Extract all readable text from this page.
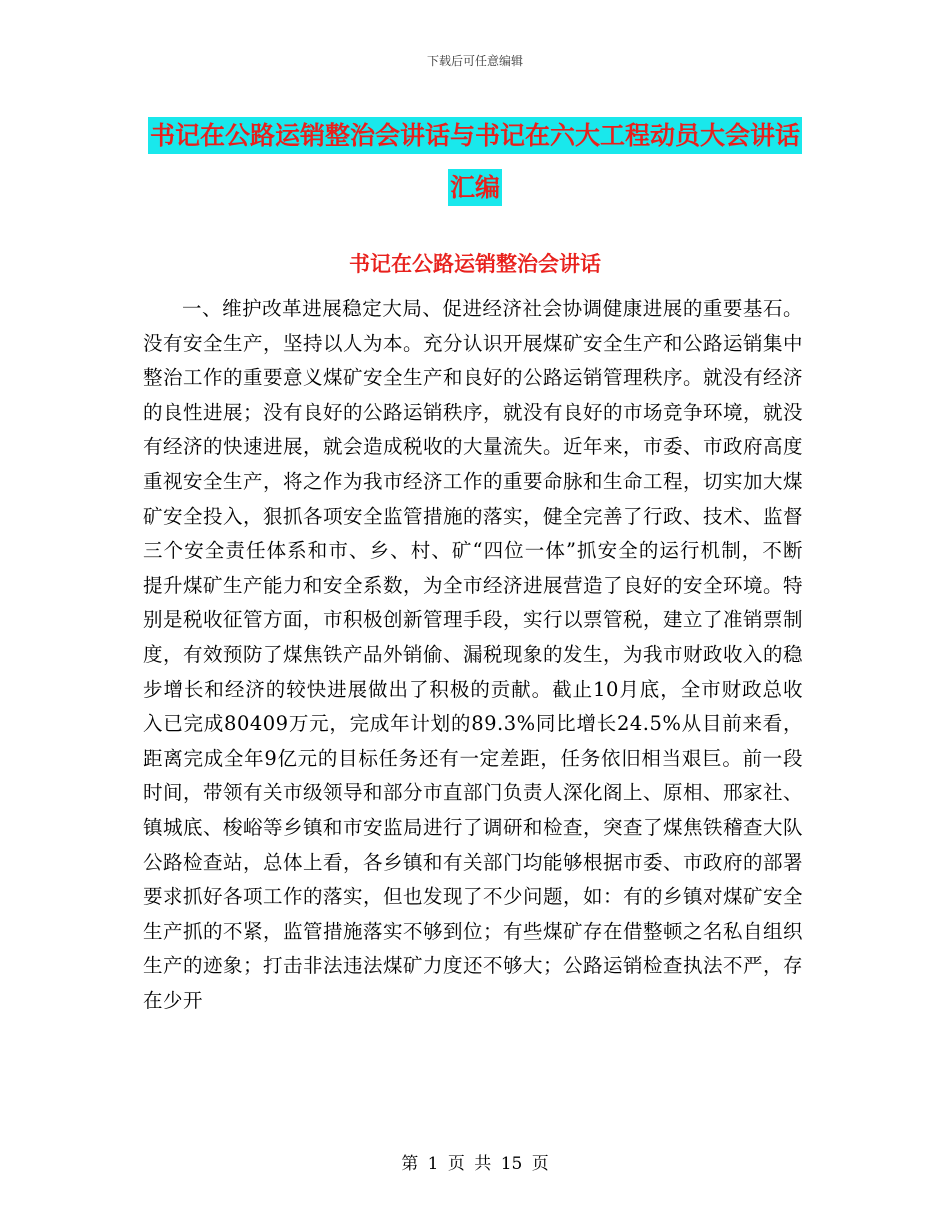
下载后可任意编辑
书记在公路运销整治会讲话与书记在六大工程动员大会讲话汇编
书记在公路运销整治会讲话

一、维护改革进展稳定大局、促进经济社会协调健康进展的重要基石。没有安全生产，坚持以人为本。充分认识开展煤矿安全生产和公路运销集中整治工作的重要意义煤矿安全生产和良好的公路运销管理秩序。就没有经济的良性进展；没有良好的公路运销秩序，就没有良好的市场竞争环境，就没有经济的快速进展，就会造成税收的大量流失。近年来，市委、市政府高度重视安全生产，将之作为我市经济工作的重要命脉和生命工程，切实加大煤矿安全投入，狠抓各项安全监管措施的落实，健全完善了行政、技术、监督三个安全责任体系和市、乡、村、矿“四位一体”抓安全的运行机制，不断提升煤矿生产能力和安全系数，为全市经济进展营造了良好的安全环境。特别是税收征管方面，市积极创新管理手段，实行以票管税，建立了准销票制度，有效预防了煤焦铁产品外销偷、漏税现象的发生，为我市财政收入的稳步增长和经济的较快进展做出了积极的贡献。截止10月底，全市财政总收入已完成80409万元，完成年计划的89.3%同比增长24.5%从目前来看，距离完成全年9亿元的目标任务还有一定差距，任务依旧相当艰巨。前一段时间，带领有关市级领导和部分市直部门负责人深化阁上、原相、邢家社、镇城底、梭峪等乡镇和市安监局进行了调研和检查，突查了煤焦铁稽查大队公路检查站，总体上看，各乡镇和有关部门均能够根据市委、市政府的部署要求抓好各项工作的落实，但也发现了不少问题，如：有的乡镇对煤矿安全生产抓的不紧，监管措施落实不够到位；有些煤矿存在借整顿之名私自组织生产的迹象；打击非法违法煤矿力度还不够大；公路运销检查执法不严，存在少开

第 1 页 共 15 页
